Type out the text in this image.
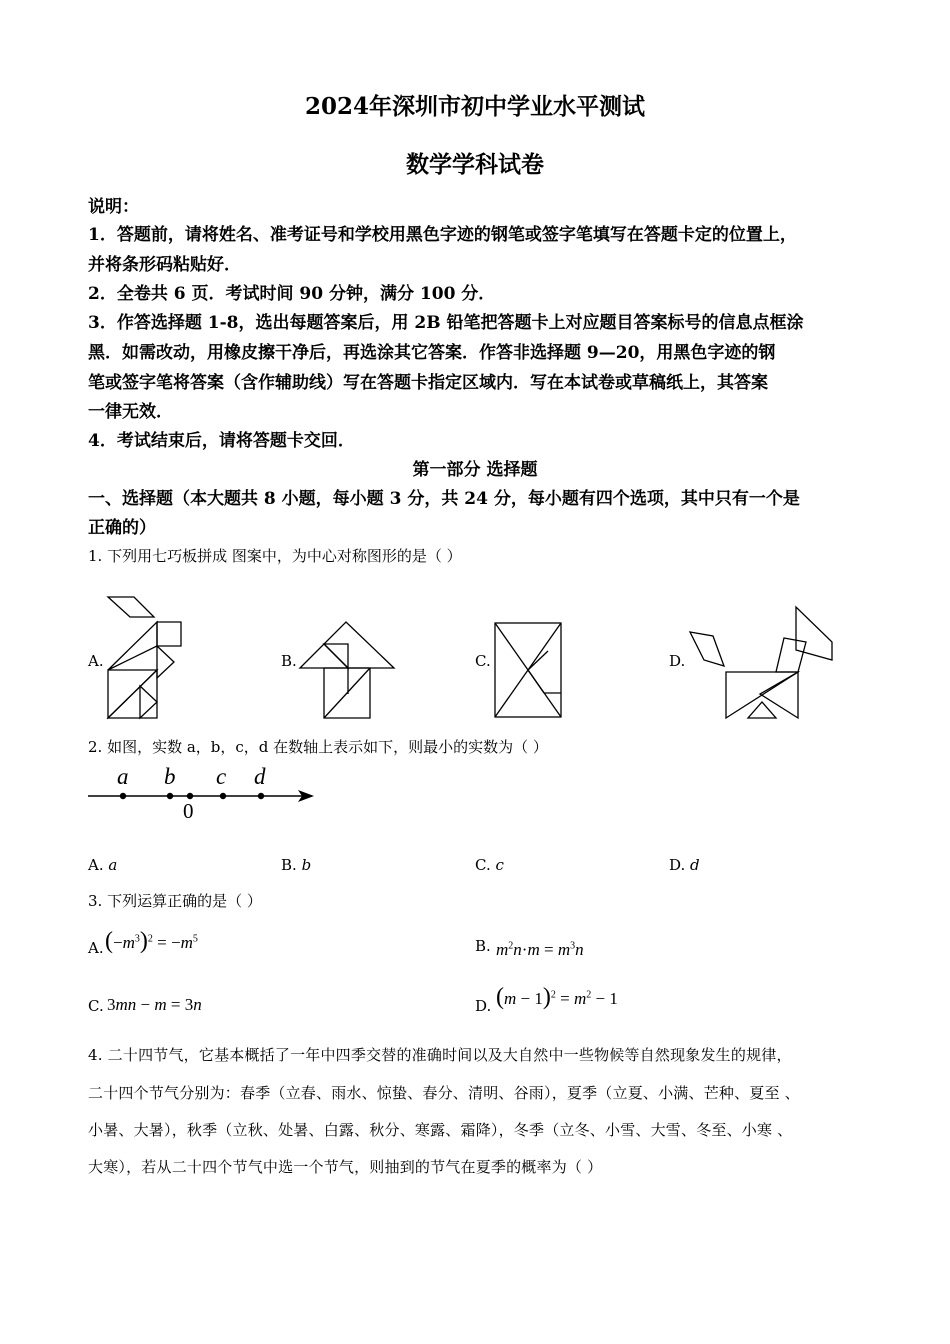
2024年深圳市初中学业水平测试
数学学科试卷
说明：
1．答题前，请将姓名、准考证号和学校用黑色字迹的钢笔或签字笔填写在答题卡定的位置上，
并将条形码粘贴好．
2．全卷共 6 页．考试时间 90 分钟，满分 100 分．
3．作答选择题 1-8，选出每题答案后，用 2B 铅笔把答题卡上对应题目答案标号的信息点框涂
黑．如需改动，用橡皮擦干净后，再选涂其它答案．作答非选择题 9—20，用黑色字迹的钢
笔或签字笔将答案（含作辅助线）写在答题卡指定区域内．写在本试卷或草稿纸上，其答案
一律无效．
4．考试结束后，请将答题卡交回．
第一部分 选择题
一、选择题（本大题共 8 小题，每小题 3 分，共 24 分，每小题有四个选项，其中只有一个是
正确的）
1. 下列用七巧板拼成 图案中，为中心对称图形的是（ ）
A.	B.	C.	D.
2. 如图，实数 a，b，c，d 在数轴上表示如下，则最小的实数为（ ）
a b c d
0
A. a	B. b	C. c	D. d
3. 下列运算正确的是（ ）
A. $(-m^3)^2 = -m^5$	B. $m^2n\cdot m = m^3n$
C. 3mn − m = 3n	D. $(m - 1)^2 = m^2 - 1$
4. 二十四节气，它基本概括了一年中四季交替的准确时间以及大自然中一些物候等自然现象发生的规律，
二十四个节气分别为：春季（立春、雨水、惊蛰、春分、清明、谷雨），夏季（立夏、小满、芒种、夏至 、
小暑、大暑），秋季（立秋、处暑、白露、秋分、寒露、霜降），冬季（立冬、小雪、大雪、冬至、小寒 、
大寒），若从二十四个节气中选一个节气，则抽到的节气在夏季的概率为（ ）
